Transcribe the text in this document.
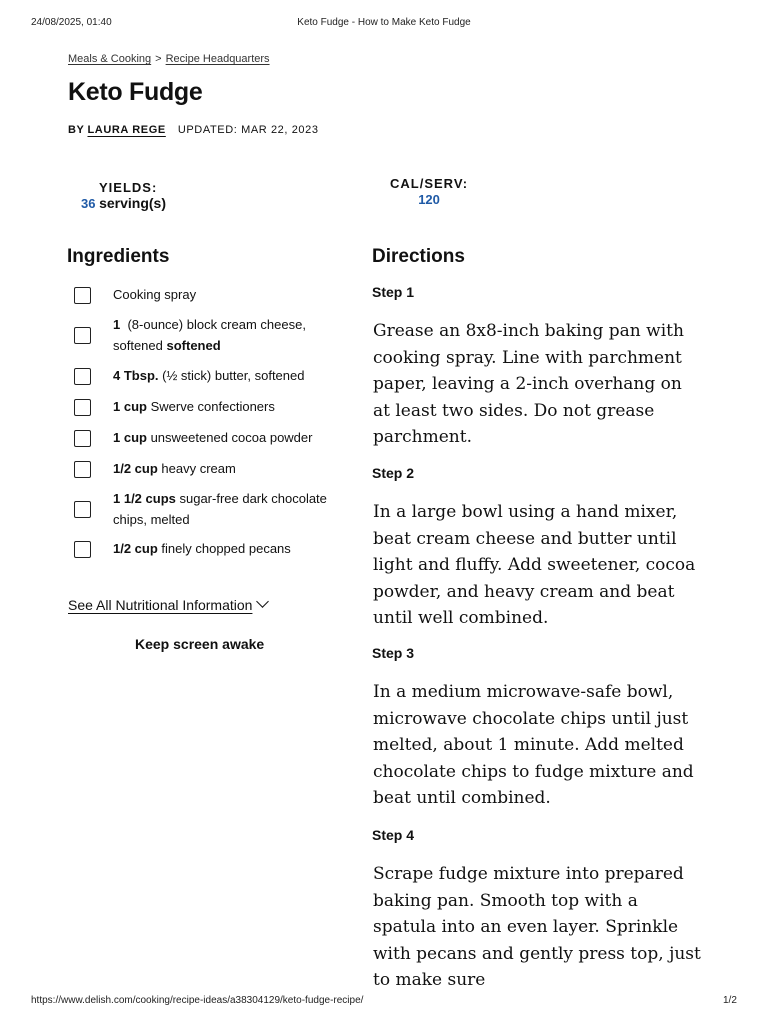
24/08/2025, 01:40	Keto Fudge - How to Make Keto Fudge
Meals & Cooking > Recipe Headquarters
Keto Fudge
BY LAURA REGE UPDATED: MAR 22, 2023
YIELDS:
36 serving(s)
CAL/SERV:
120
Ingredients
Cooking spray
1  (8-ounce) block cream cheese, softened softened
4 Tbsp. (½ stick) butter, softened
1 cup Swerve confectioners
1 cup unsweetened cocoa powder
1/2 cup heavy cream
1 1/2 cups sugar-free dark chocolate chips, melted
1/2 cup finely chopped pecans
See All Nutritional Information
Keep screen awake
Directions
Step 1

Grease an 8x8-inch baking pan with cooking spray. Line with parchment paper, leaving a 2-inch overhang on at least two sides. Do not grease parchment.

Step 2

In a large bowl using a hand mixer, beat cream cheese and butter until light and fluffy. Add sweetener, cocoa powder, and heavy cream and beat until well combined.

Step 3

In a medium microwave-safe bowl, microwave chocolate chips until just melted, about 1 minute. Add melted chocolate chips to fudge mixture and beat until combined.

Step 4

Scrape fudge mixture into prepared baking pan. Smooth top with a spatula into an even layer. Sprinkle with pecans and gently press top, just to make sure

https://www.delish.com/cooking/recipe-ideas/a38304129/keto-fudge-recipe/	1/2
